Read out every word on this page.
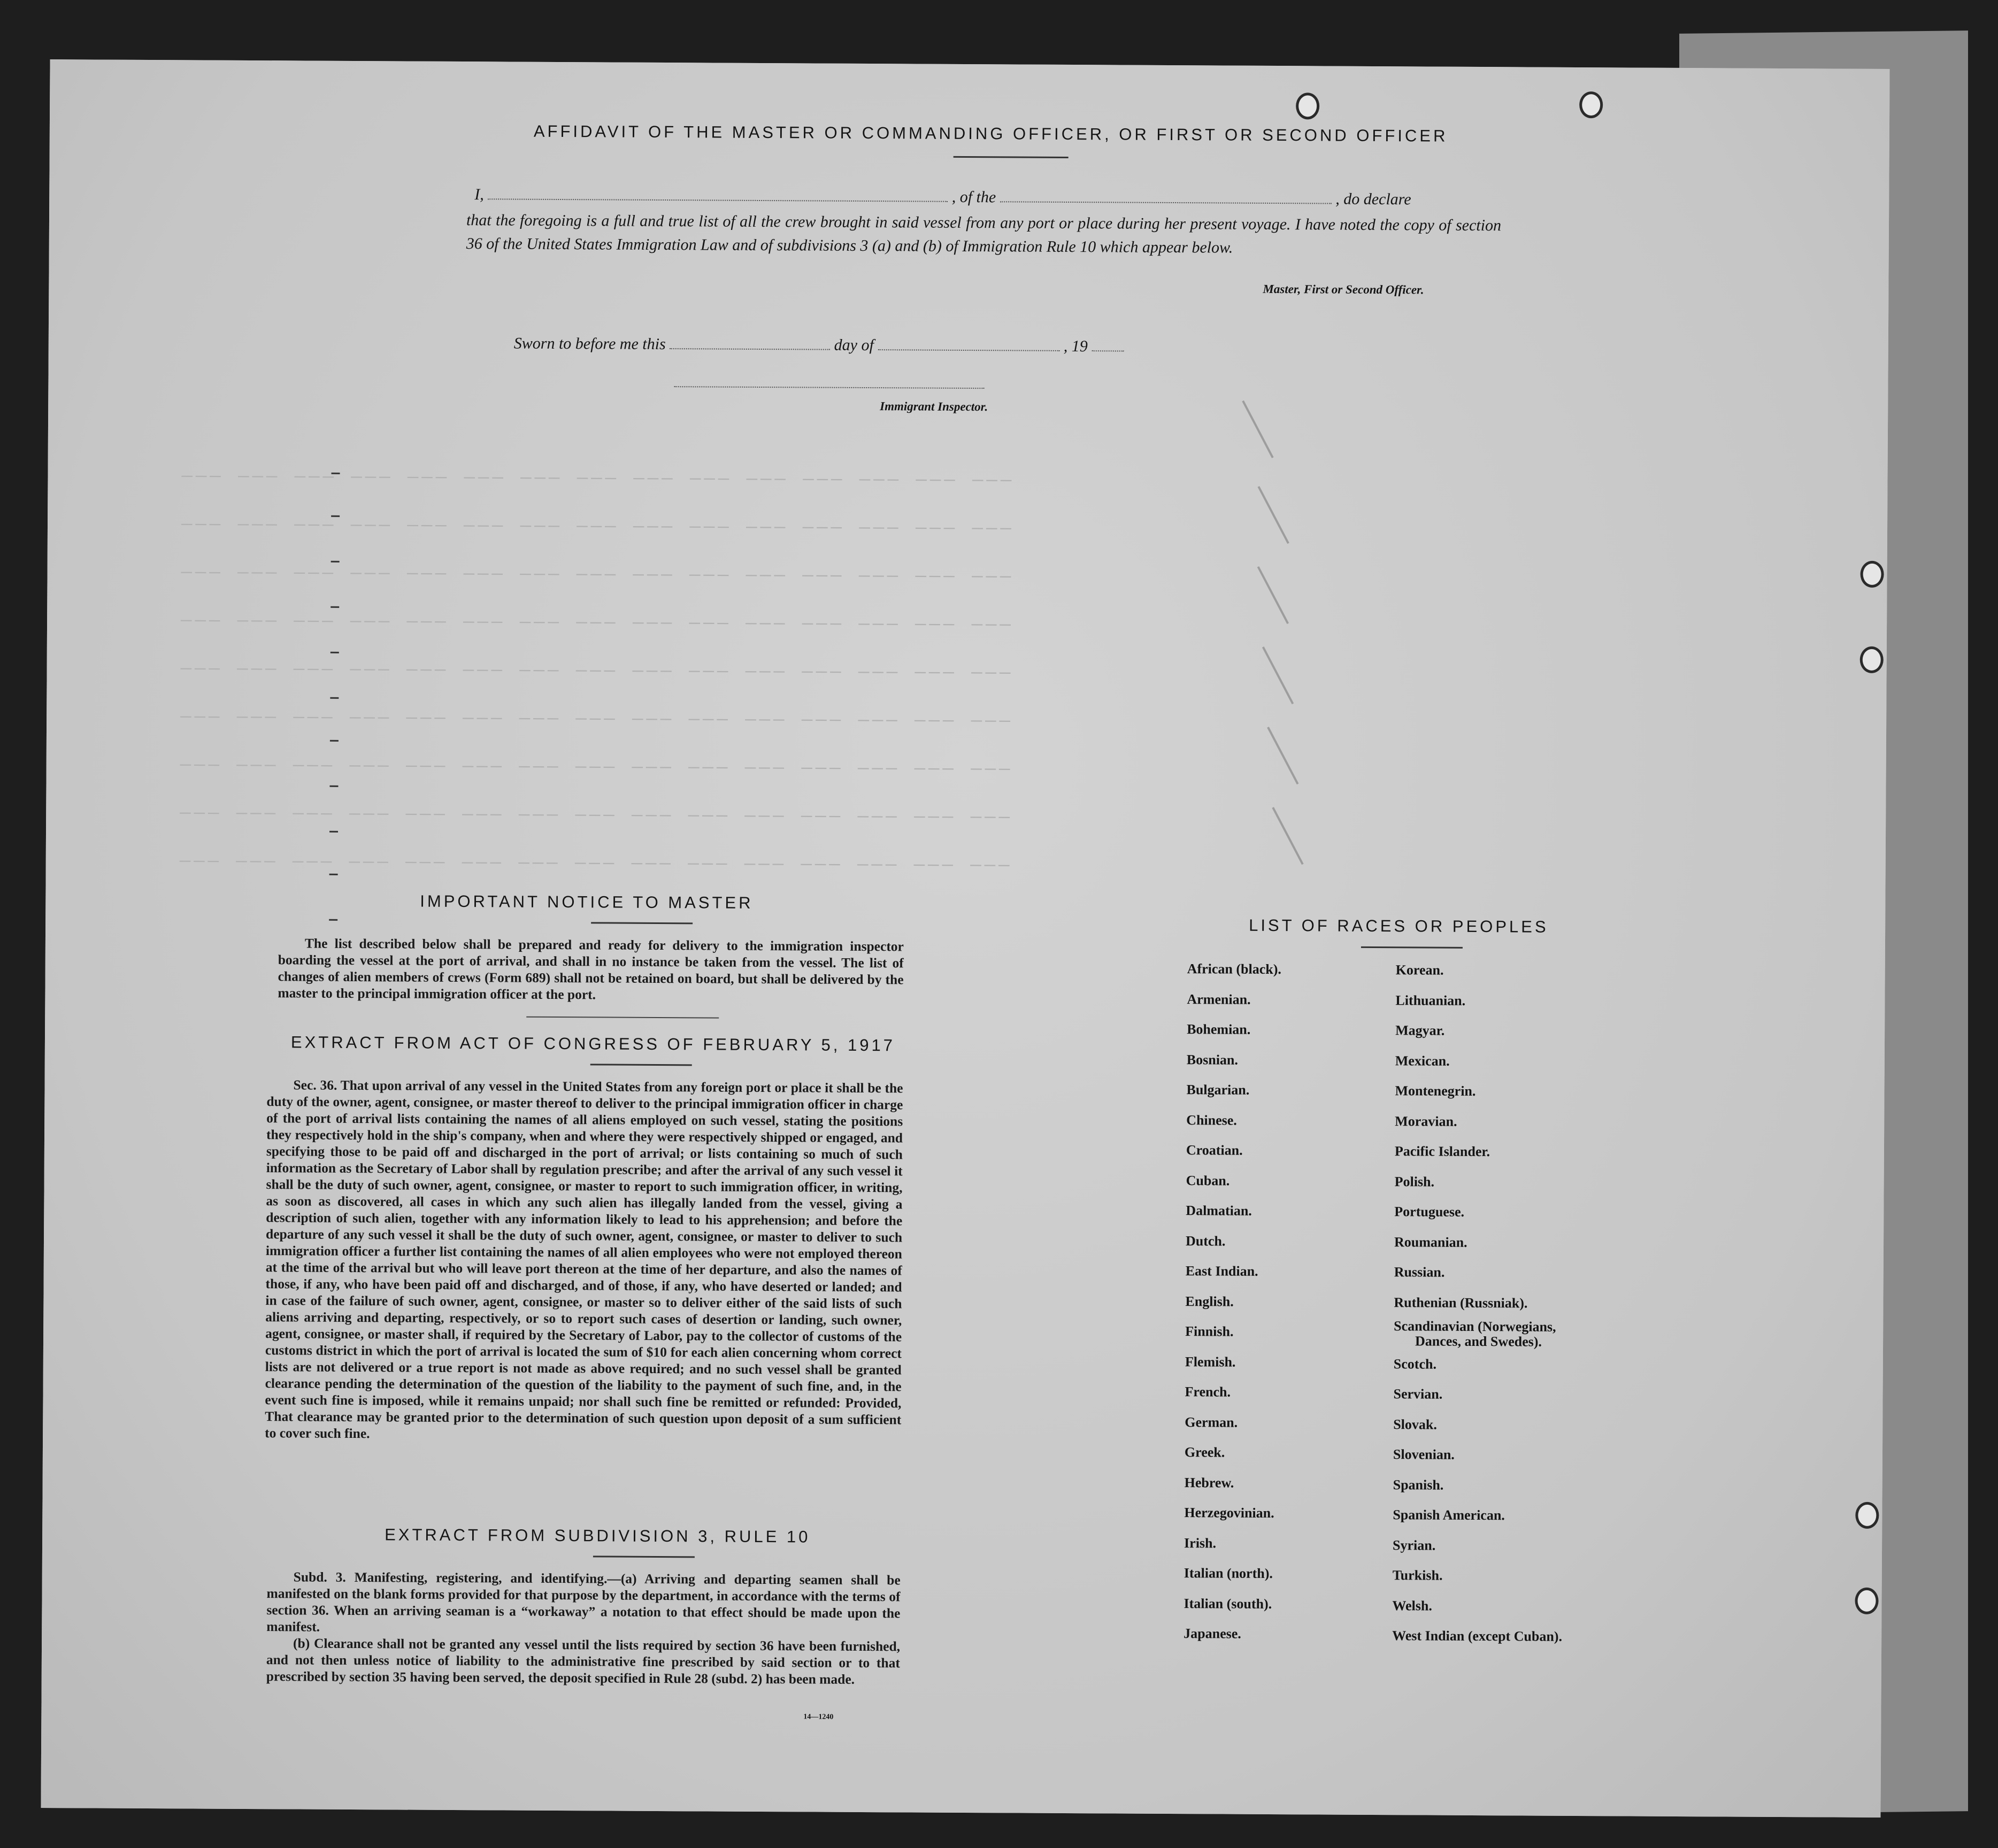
——— ——— ——— ——— ——— ——— ——— ——— ——— ——— ——— ——— ——— ——— ———
——— ——— ——— ——— ——— ——— ——— ——— ——— ——— ——— ——— ——— ——— ———
——— ——— ——— ——— ——— ——— ——— ——— ——— ——— ——— ——— ——— ——— ———
——— ——— ——— ——— ——— ——— ——— ——— ——— ——— ——— ——— ——— ——— ———
——— ——— ——— ——— ——— ——— ——— ——— ——— ——— ——— ——— ——— ——— ———
——— ——— ——— ——— ——— ——— ——— ——— ——— ——— ——— ——— ——— ——— ———
——— ——— ——— ——— ——— ——— ——— ——— ——— ——— ——— ——— ——— ——— ———
——— ——— ——— ——— ——— ——— ——— ——— ——— ——— ——— ——— ——— ——— ———
——— ——— ——— ——— ——— ——— ——— ——— ——— ——— ——— ——— ——— ——— ———
AFFIDAVIT OF THE MASTER OR COMMANDING OFFICER, OR FIRST OR SECOND OFFICER
I,	, of the	, do declare
that the foregoing is a full and true list of all the crew brought in said vessel from any port or place during her present voyage. I have noted the copy of section 36 of the United States Immigration Law and of subdivisions 3 (a) and (b) of Immigration Rule 10 which appear below.
Master, First or Second Officer.
Sworn to before me this	day of	, 19
Immigrant Inspector.
IMPORTANT NOTICE TO MASTER

The list described below shall be prepared and ready for delivery to the immigration inspector boarding the vessel at the port of arrival, and shall in no instance be taken from the vessel. The list of changes of alien members of crews (Form 689) shall not be retained on board, but shall be delivered by the master to the principal immigration officer at the port.

EXTRACT FROM ACT OF CONGRESS OF FEBRUARY 5, 1917

Sec. 36. That upon arrival of any vessel in the United States from any foreign port or place it shall be the duty of the owner, agent, consignee, or master thereof to deliver to the principal immigration officer in charge of the port of arrival lists containing the names of all aliens employed on such vessel, stating the positions they respectively hold in the ship's company, when and where they were respectively shipped or engaged, and specifying those to be paid off and discharged in the port of arrival; or lists containing so much of such information as the Secretary of Labor shall by regulation prescribe; and after the arrival of any such vessel it shall be the duty of such owner, agent, consignee, or master to report to such immigration officer, in writing, as soon as discovered, all cases in which any such alien has illegally landed from the vessel, giving a description of such alien, together with any information likely to lead to his apprehension; and before the departure of any such vessel it shall be the duty of such owner, agent, consignee, or master to deliver to such immigration officer a further list containing the names of all alien employees who were not employed thereon at the time of the arrival but who will leave port thereon at the time of her departure, and also the names of those, if any, who have been paid off and discharged, and of those, if any, who have deserted or landed; and in case of the failure of such owner, agent, consignee, or master so to deliver either of the said lists of such aliens arriving and departing, respectively, or so to report such cases of desertion or landing, such owner, agent, consignee, or master shall, if required by the Secretary of Labor, pay to the collector of customs of the customs district in which the port of arrival is located the sum of $10 for each alien concerning whom correct lists are not delivered or a true report is not made as above required; and no such vessel shall be granted clearance pending the determination of the question of the liability to the payment of such fine, and, in the event such fine is imposed, while it remains unpaid; nor shall such fine be remitted or refunded: Provided, That clearance may be granted prior to the determination of such question upon deposit of a sum sufficient to cover such fine.

EXTRACT FROM SUBDIVISION 3, RULE 10

Subd. 3. Manifesting, registering, and identifying.—(a) Arriving and departing seamen shall be manifested on the blank forms provided for that purpose by the department, in accordance with the terms of section 36. When an arriving seaman is a “workaway” a notation to that effect should be made upon the manifest.

(b) Clearance shall not be granted any vessel until the lists required by section 36 have been furnished, and not then unless notice of liability to the administrative fine prescribed by said section or to that prescribed by section 35 having been served, the deposit specified in Rule 28 (subd. 2) has been made.

14—1240
LIST OF RACES OR PEOPLES
African (black).
Armenian.
Bohemian.
Bosnian.
Bulgarian.
Chinese.
Croatian.
Cuban.
Dalmatian.
Dutch.
East Indian.
English.
Finnish.
Flemish.
French.
German.
Greek.
Hebrew.
Herzegovinian.
Irish.
Italian (north).
Italian (south).
Japanese.
Korean.
Lithuanian.
Magyar.
Mexican.
Montenegrin.
Moravian.
Pacific Islander.
Polish.
Portuguese.
Roumanian.
Russian.
Ruthenian (Russniak).
Scandinavian (Norwegians,
Dances, and Swedes).
Scotch.
Servian.
Slovak.
Slovenian.
Spanish.
Spanish American.
Syrian.
Turkish.
Welsh.
West Indian (except Cuban).
